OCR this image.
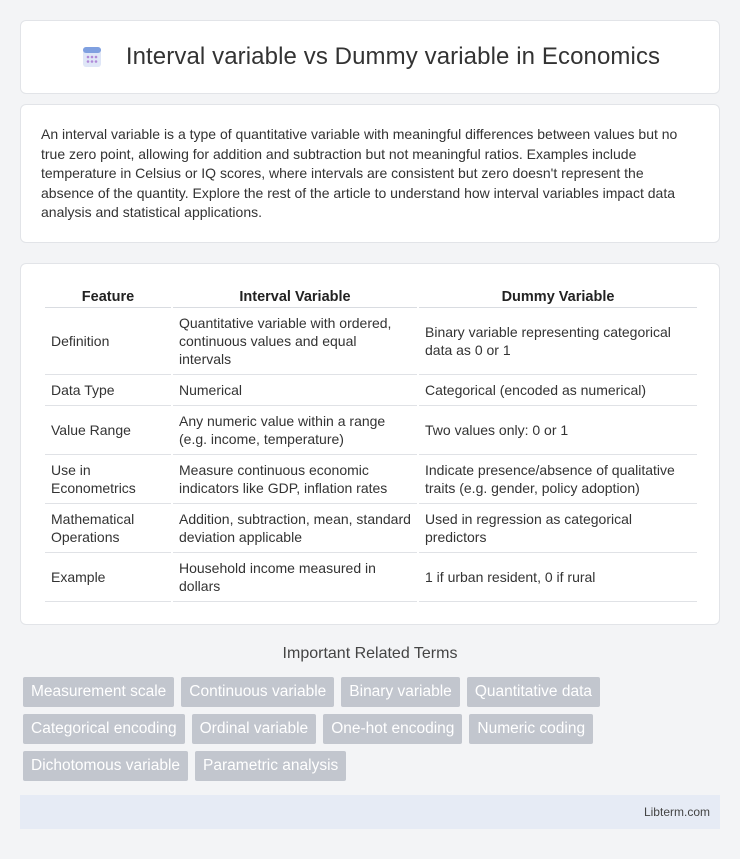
Interval variable vs Dummy variable in Economics

An interval variable is a type of quantitative variable with meaningful differences between values but no true zero point, allowing for addition and subtraction but not meaningful ratios. Examples include temperature in Celsius or IQ scores, where intervals are consistent but zero doesn't represent the absence of the quantity. Explore the rest of the article to understand how interval variables impact data analysis and statistical applications.

Feature	Interval Variable	Dummy Variable
Definition	Quantitative variable with ordered, continuous values and equal intervals	Binary variable representing categorical data as 0 or 1
Data Type	Numerical	Categorical (encoded as numerical)
Value Range	Any numeric value within a range (e.g. income, temperature)	Two values only: 0 or 1
Use in Econometrics	Measure continuous economic indicators like GDP, inflation rates	Indicate presence/absence of qualitative traits (e.g. gender, policy adoption)
Mathematical Operations	Addition, subtraction, mean, standard deviation applicable	Used in regression as categorical predictors
Example	Household income measured in dollars	1 if urban resident, 0 if rural
Important Related Terms
Measurement scale	Continuous variable	Binary variable	Quantitative data
Categorical encoding	Ordinal variable	One-hot encoding	Numeric coding
Dichotomous variable	Parametric analysis
Libterm.com
